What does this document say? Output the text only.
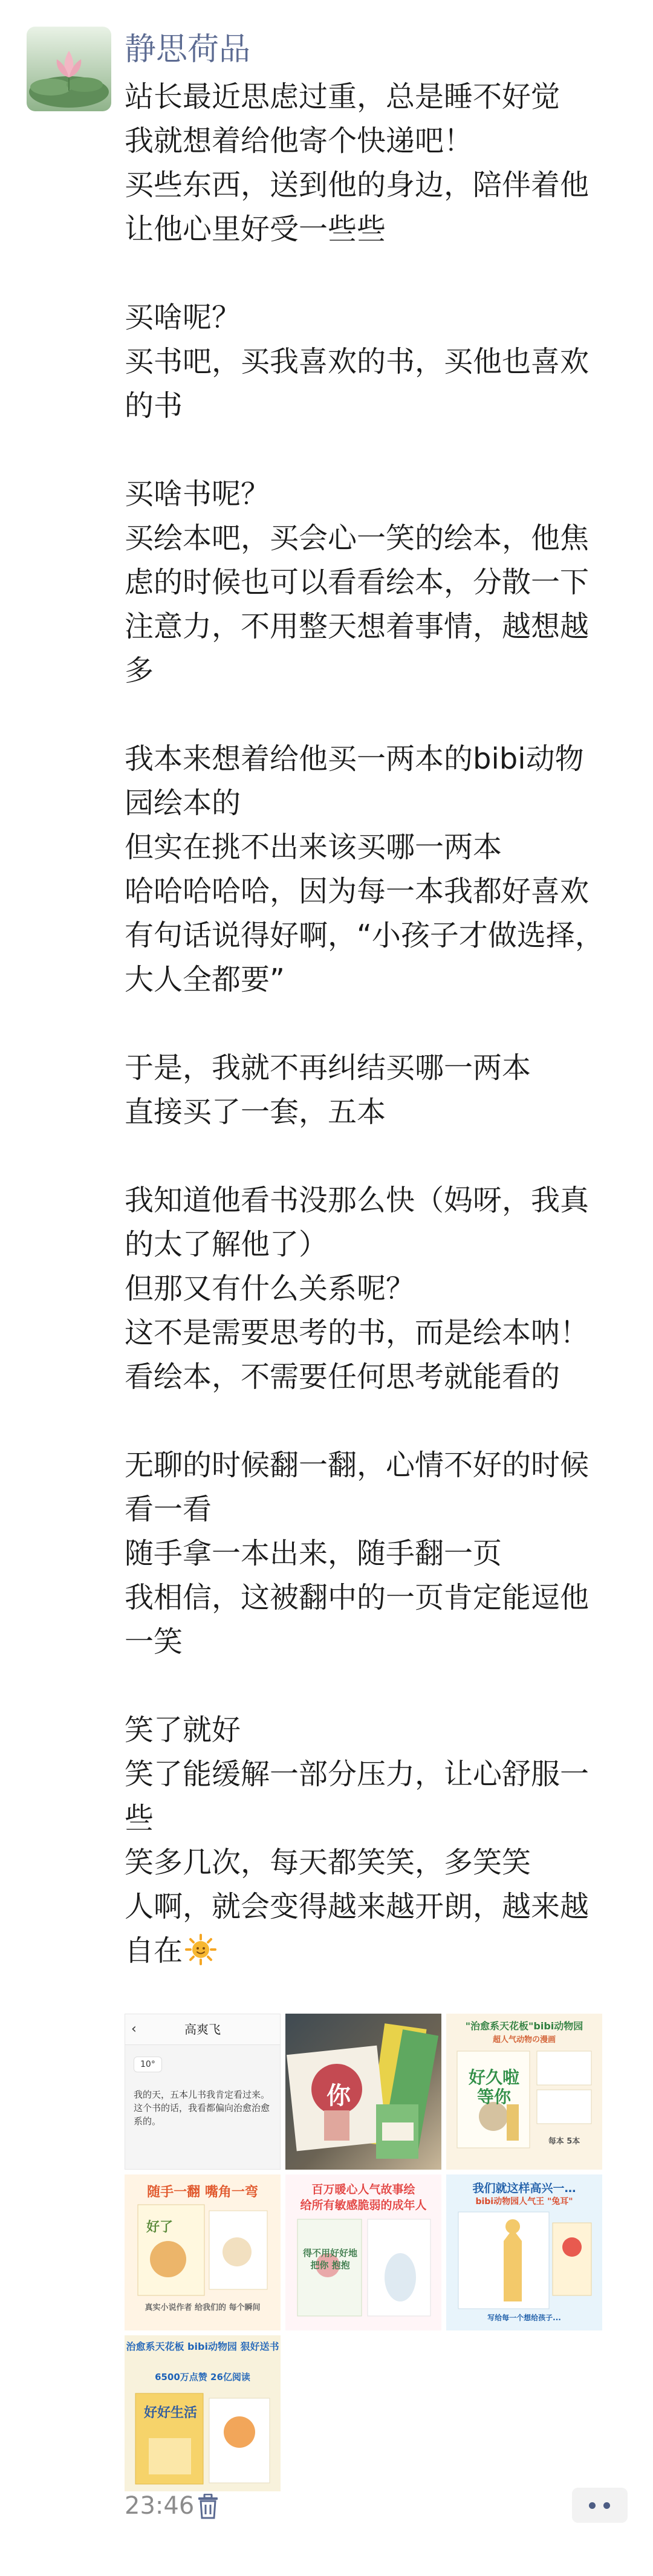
静思荷品
站长最近思虑过重，总是睡不好觉
我就想着给他寄个快递吧！
买些东西，送到他的身边，陪伴着他
让他心里好受一些些
买啥呢？
买书吧，买我喜欢的书，买他也喜欢
的书
买啥书呢？
买绘本吧，买会心一笑的绘本，他焦
虑的时候也可以看看绘本，分散一下
注意力，不用整天想着事情，越想越
多
我本来想着给他买一两本的bibi动物
园绘本的
但实在挑不出来该买哪一两本
哈哈哈哈哈，因为每一本我都好喜欢
有句话说得好啊，“小孩子才做选择，
大人全都要”
于是，我就不再纠结买哪一两本
直接买了一套，五本
我知道他看书没那么快（妈呀，我真
的太了解他了）
但那又有什么关系呢？
这不是需要思考的书，而是绘本呐！
看绘本，不需要任何思考就能看的
无聊的时候翻一翻，心情不好的时候
看一看
随手拿一本出来，随手翻一页
我相信，这被翻中的一页肯定能逗他
一笑
笑了就好
笑了能缓解一部分压力，让心舒服一
些
笑多几次，每天都笑笑，多笑笑
人啊，就会变得越来越开朗，越来越
自在
‹	高爽飞
10°
我的天，五本儿书我肯定看过来。这个书的话，我看都偏向治愈治愈系的。
你
"治愈系天花板"bibi动物园
超人气动物の漫画
好久啦 等你
每本 5本
随手一翻 嘴角一弯
好了
真实小说作者 给我们的 每个瞬间
百万暖心人气故事绘
给所有敏感脆弱的成年人
得不用好好地 把你 抱抱
我们就这样高兴一…
bibi动物园人气王 "兔耳"
写给每一个想给孩子...
治愈系天花板 bibi动物园 狠好送书
6500万点赞 26亿阅读
好好生活
23:46
